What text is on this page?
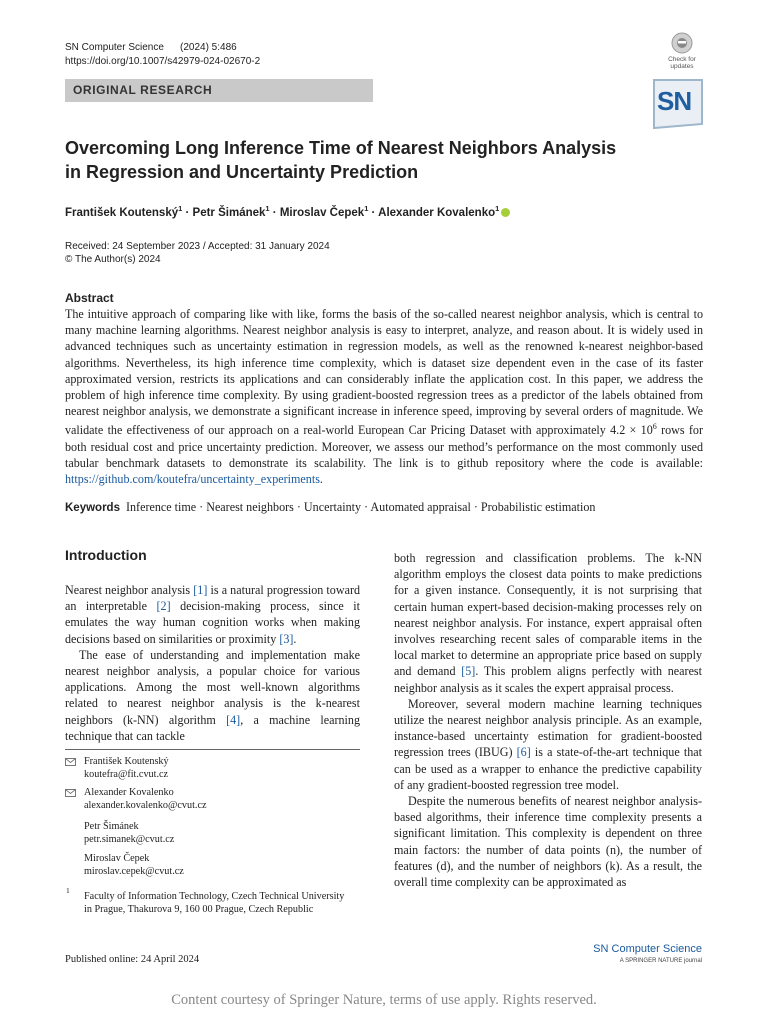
SN Computer Science (2024) 5:486
https://doi.org/10.1007/s42979-024-02670-2
ORIGINAL RESEARCH
Check for
updates
SN
Overcoming Long Inference Time of Nearest Neighbors Analysis in Regression and Uncertainty Prediction
František Koutenský$^1$ · Petr Šimánek$^1$ · Miroslav Čepek$^1$ · Alexander Kovalenko$^1$
Received: 24 September 2023 / Accepted: 31 January 2024
© The Author(s) 2024
Abstract

The intuitive approach of comparing like with like, forms the basis of the so-called nearest neighbor analysis, which is central to many machine learning algorithms. Nearest neighbor analysis is easy to interpret, analyze, and reason about. It is widely used in advanced techniques such as uncertainty estimation in regression models, as well as the renowned k-nearest neighbor-based algorithms. Nevertheless, its high inference time complexity, which is dataset size dependent even in the case of its faster approximated version, restricts its applications and can considerably inflate the application cost. In this paper, we address the problem of high inference time complexity. By using gradient-boosted regression trees as a predictor of the labels obtained from nearest neighbor analysis, we demonstrate a significant increase in inference speed, improving by several orders of magnitude. We validate the effectiveness of our approach on a real-world European Car Pricing Dataset with approximately $4.2 \times 10^6$ rows for both residual cost and price uncertainty prediction. Moreover, we assess our method’s performance on the most commonly used tabular benchmark datasets to demonstrate its scalability. The link is to github repository where the code is available: https://github.com/koutefra/uncertainty_experiments.

Keywords Inference time · Nearest neighbors · Uncertainty · Automated appraisal · Probabilistic estimation
Introduction

Nearest neighbor analysis [1] is a natural progression toward an interpretable [2] decision-making process, since it emulates the way human cognition works when making decisions based on similarities or proximity [3].

The ease of understanding and implementation make nearest neighbor analysis, a popular choice for various applications. Among the most well-known algorithms related to nearest neighbor analysis is the k-nearest neighbors (k-NN) algorithm [4], a machine learning technique that can tackle

both regression and classification problems. The k-NN algorithm employs the closest data points to make predictions for a given instance. Consequently, it is not surprising that certain human expert-based decision-making processes rely on nearest neighbor analysis. For instance, expert appraisal often involves researching recent sales of comparable items in the local market to determine an appropriate price based on supply and demand [5]. This problem aligns perfectly with nearest neighbor analysis as it scales the expert appraisal process.

Moreover, several modern machine learning techniques utilize the nearest neighbor analysis principle. As an example, instance-based uncertainty estimation for gradient-boosted regression trees (IBUG) [6] is a state-of-the-art technique that can be used as a wrapper to enhance the predictive capability of any gradient-boosted regression tree model.

Despite the numerous benefits of nearest neighbor analysis-based algorithms, their inference time complexity presents a significant limitation. This complexity is dependent on three main factors: the number of data points (n), the number of features (d), and the number of neighbors (k). As a result, the overall time complexity can be approximated as

František Koutenský
koutefra@fit.cvut.cz
Alexander Kovalenko
alexander.kovalenko@cvut.cz
Petr Šimánek
petr.simanek@cvut.cz
Miroslav Čepek
miroslav.cepek@cvut.cz
1
Faculty of Information Technology, Czech Technical University in Prague, Thakurova 9, 160 00 Prague, Czech Republic
Published online: 24 April 2024
SN Computer Science
A SPRINGER NATURE journal
Content courtesy of Springer Nature, terms of use apply. Rights reserved.
